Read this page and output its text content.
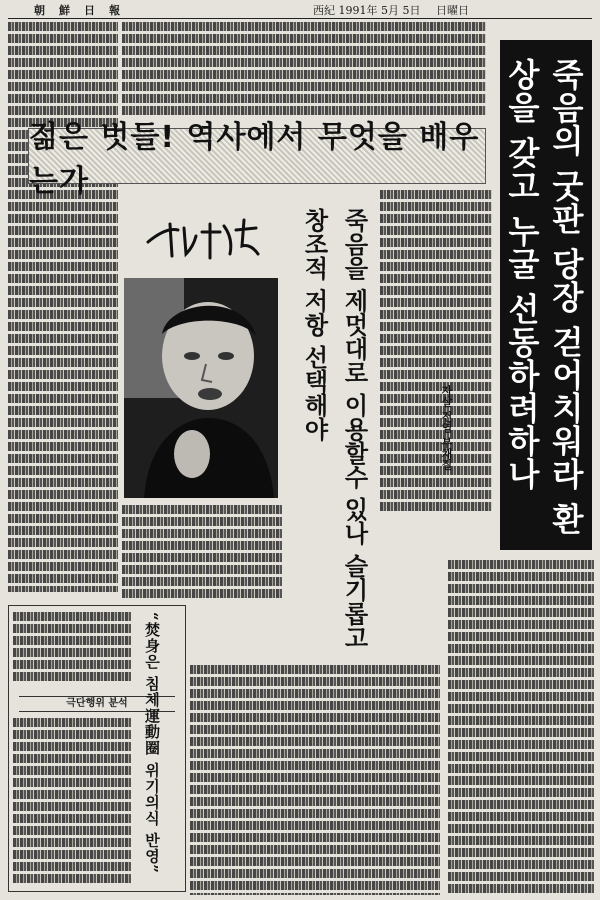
朝鮮日報	西紀 1991年 5月 5日 日曜日
죽음의 굿판 당장 걷어치워라 환상을 갖고 누굴 선동하려하나
젊은 벗들! 역사에서 무엇을 배우는가
죽음을 제멋대로 이용할수 있나 슬기롭고 창조적 저항 선택해야	자살 전염 부채질
극단행위 분석	“焚身은 침체運動圈 위기의식 반영”
